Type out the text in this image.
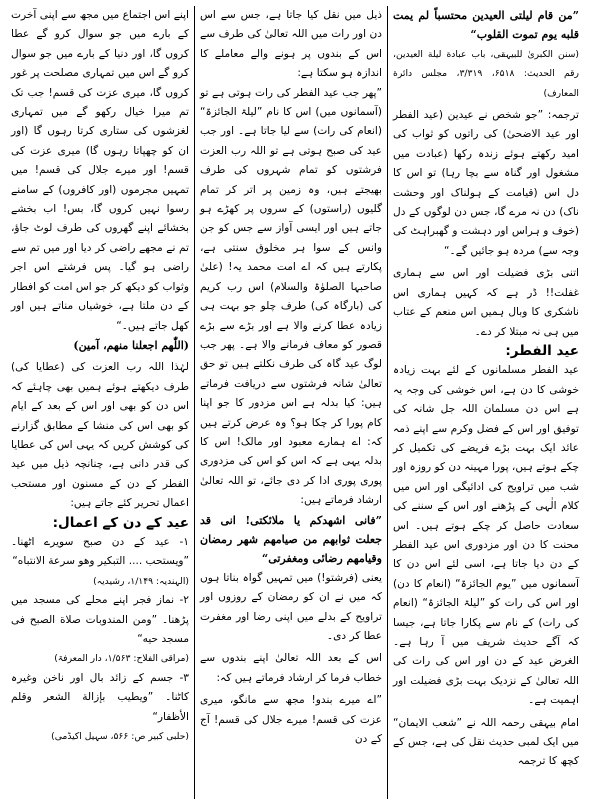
”من قام ليلتى العيدين محتسباً لم يمت قلبه يوم تموت القلوب“
(سنن الكبرىٰ للبيہقى، باب عبادة ليلة العيدين، رقم الحديث: ۶۵۱۸، ۳/۳۱۹، مجلس دائرة المعارف)
ترجمہ: ”جو شخص نے عیدین (عید الفطر اور عید الاضحیٰ) کی راتوں کو ثواب کی امید رکھتے ہوئے زندہ رکھا (عبادت میں مشغول اور گناہ سے بچا رہا) تو اس کا دل اس (قیامت کے ہولناک اور وحشت ناک) دن نہ مرے گا، جس دن لوگوں کے دل (خوف و ہراس اور دہشت و گھبراہٹ کی وجہ سے) مردہ ہو جائیں گے۔“
اتنی بڑی فضیلت اور اس سے ہماری غفلت!! ڈر ہے کہ کہیں ہماری اس ناشکری کا وبال ہمیں اس منعم کے عتاب میں ہی نہ مبتلا کر دے۔
عید الفطر:
عید الفطر مسلمانوں کے لئے بہت زیادہ خوشی کا دن ہے، اس خوشی کی وجہ یہ ہے اس دن مسلمان اللہ جل شانہ کی توفیق اور اس کے فضل وکرم سے اپنے ذمہ عائد ایک بہت بڑے فریضے کی تکمیل کر چکے ہوتے ہیں، پورا مہینہ دن کو روزہ اور شب میں تراویح کی ادائیگی اور اس میں کلام الٰہی کے پڑھنے اور اس کے سننے کی سعادت حاصل کر چکے ہوتے ہیں۔ اس محنت کا دن اور مزدوری اس عید الفطر کے دن دیا جاتا ہے، اسی لئے اس دن کا آسمانوں میں ”یوم الجائزۃ“ (انعام کا دن) اور اس کی رات کو ”لیلۃ الجائزۃ“ (انعام کی رات) کے نام سے پکارا جاتا ہے، جیسا کہ آگے حدیث شریف میں آ رہا ہے۔ الغرض عید کے دن اور اس کی رات کی اللہ تعالیٰ کے نزدیک بہت بڑی فضیلت اور اہمیت ہے۔
امام بیہقی رحمہ اللہ نے ”شعب الایمان“ میں ایک لمبی حدیث نقل کی ہے، جس کے کچھ کا ترجمہ
ذیل میں نقل کیا جاتا ہے، جس سے اس دن اور رات میں اللہ تعالیٰ کی طرف سے اس کے بندوں پر ہونے والے معاملے کا اندازہ ہو سکتا ہے:
”پھر جب عید الفطر کی رات ہوتی ہے تو (آسمانوں میں) اس کا نام ”لیلۃ الجائزۃ“ (انعام کی رات) سے لیا جاتا ہے۔ اور جب عید کی صبح ہوتی ہے تو اللہ رب العزت فرشتوں کو تمام شہروں کی طرف بھیجتے ہیں، وہ زمین پر اتر کر تمام گلیوں (راستوں) کے سروں پر کھڑے ہو جاتے ہیں اور ایسی آواز سے جس کو جن وانس کے سوا ہر مخلوق سنتی ہے، پکارتے ہیں کہ اے امت محمد یہ! (علیٰ صاحبہا الصلوٰۃ والسلام) اس رب کریم کی (بارگاہ کی) طرف چلو جو بہت ہی زیادہ عطا کرنے والا ہے اور بڑے سے بڑے قصور کو معاف فرمانے والا ہے۔ پھر جب لوگ عید گاہ کی طرف نکلتے ہیں تو حق تعالیٰ شانہ فرشتوں سے دریافت فرماتے ہیں: کیا بدلہ ہے اس مزدور کا جو اپنا کام پورا کر چکا ہو؟ وہ عرض کرتے ہیں کہ: اے ہمارے معبود اور مالک! اس کا بدلہ یہی ہے کہ اس کو اس کی مزدوری پوری پوری ادا کر دی جائے، تو اللہ تعالیٰ ارشاد فرماتے ہیں:
”فانی اشهدکم یا ملائکتی! انی قد جعلت ثوابهم من صیامهم شهر رمضان وقیامهم رضائی ومغفرتی“
یعنی (فرشتو!) میں تمہیں گواہ بناتا ہوں کہ میں نے ان کو رمضان کے روزوں اور تراویح کے بدلے میں اپنی رضا اور مغفرت عطا کر دی۔
اس کے بعد اللہ تعالیٰ اپنے بندوں سے خطاب فرما کر ارشاد فرماتے ہیں کہ:
”اے میرے بندو! مجھ سے مانگو، میری عزت کی قسم! میرے جلال کی قسم! آج کے دن
اپنے اس اجتماع میں مجھ سے اپنی آخرت کے بارے میں جو سوال کرو گے عطا کروں گا، اور دنیا کے بارے میں جو سوال کرو گے اس میں تمہاری مصلحت پر غور کروں گا، میری عزت کی قسم! جب تک تم میرا خیال رکھو گے میں تمہاری لغزشوں کی ستاری کرتا رہوں گا (اور ان کو چھپاتا رہوں گا) میری عزت کی قسم! اور میرے جلال کی قسم! میں تمہیں مجرموں (اور کافروں) کے سامنے رسوا نہیں کروں گا، بس! اب بخشے بخشائے اپنے گھروں کی طرف لوٹ جاؤ، تم نے مجھے راضی کر دیا اور میں تم سے راضی ہو گیا۔ پس فرشتے اس اجر وثواب کو دیکھ کر جو اس امت کو افطار کے دن ملتا ہے، خوشیاں مناتے ہیں اور کھل جاتے ہیں۔“
(اللّٰهم اجعلنا منهم، آمین)
لہٰذا اللہ رب العزت کی (عطایا کی) طرف دیکھتے ہوئے ہمیں بھی چاہئے کہ اس دن کو بھی اور اس کے بعد کے ایام کو بھی اس کی منشا کے مطابق گزارنے کی کوشش کریں کہ یہی اس کی عطایا کی قدر دانی ہے، چنانچہ ذیل میں عید الفطر کے دن کے مسنون اور مستحب اعمال تحریر کئے جاتے ہیں:
عید کے دن کے اعمال:
۱- عید کے دن صبح سویرے اٹھنا۔ ”ویستحب .... التبکیر وهو سرعة الانتباه“
(الہندیہ: ۱/۱۴۹، رشیدیہ)
۲- نماز فجر اپنے محلے کی مسجد میں پڑھنا۔ ”ومن المندوبات صلاة الصبح فی مسجد حیه“
(مراقی الفلاح: ۱/۵۶۳، دار المعرفۃ)
۳- جسم کے زائد بال اور ناخن وغیرہ کاٹنا۔ ”ویطیب بإزالة الشعر وقلم الأظفار“
(حلبی کبیر ص: ۵۶۶، سہیل اکیڈمی)
